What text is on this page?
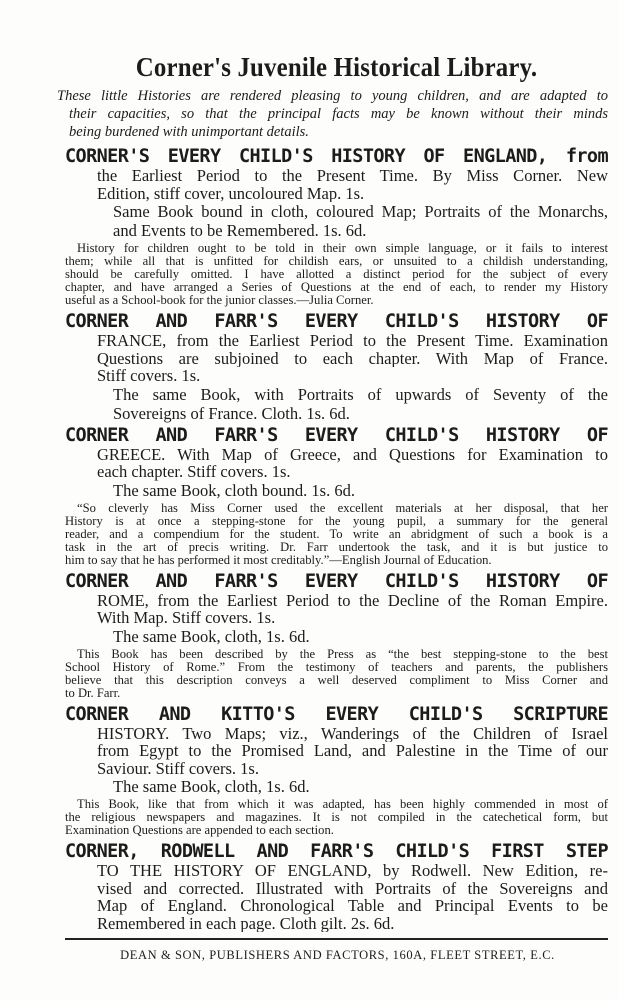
Corner's Juvenile Historical Library.
These little Histories are rendered pleasing to young children, and are adapted to
their capacities, so that the principal facts may be known without their minds
being burdened with unimportant details.
CORNER'S EVERY CHILD'S HISTORY OF ENGLAND, from
the Earliest Period to the Present Time. By Miss Corner. New
Edition, stiff cover, uncoloured Map. 1s.
Same Book bound in cloth, coloured Map; Portraits of the Monarchs,
and Events to be Remembered. 1s. 6d.
History for children ought to be told in their own simple language, or it fails to interest
them; while all that is unfitted for childish ears, or unsuited to a childish understanding,
should be carefully omitted. I have allotted a distinct period for the subject of every
chapter, and have arranged a Series of Questions at the end of each, to render my History
useful as a School-book for the junior classes.—Julia Corner.
CORNER AND FARR'S EVERY CHILD'S HISTORY OF
FRANCE, from the Earliest Period to the Present Time. Examination
Questions are subjoined to each chapter. With Map of France.
Stiff covers. 1s.
The same Book, with Portraits of upwards of Seventy of the
Sovereigns of France. Cloth. 1s. 6d.
CORNER AND FARR'S EVERY CHILD'S HISTORY OF
GREECE. With Map of Greece, and Questions for Examination to
each chapter. Stiff covers. 1s.
The same Book, cloth bound. 1s. 6d.
“So cleverly has Miss Corner used the excellent materials at her disposal, that her
History is at once a stepping-stone for the young pupil, a summary for the general
reader, and a compendium for the student. To write an abridgment of such a book is a
task in the art of precis writing. Dr. Farr undertook the task, and it is but justice to
him to say that he has performed it most creditably.”—English Journal of Education.
CORNER AND FARR'S EVERY CHILD'S HISTORY OF
ROME, from the Earliest Period to the Decline of the Roman Empire.
With Map. Stiff covers. 1s.
The same Book, cloth, 1s. 6d.
This Book has been described by the Press as “the best stepping-stone to the best
School History of Rome.” From the testimony of teachers and parents, the publishers
believe that this description conveys a well deserved compliment to Miss Corner and
to Dr. Farr.
CORNER AND KITTO'S EVERY CHILD'S SCRIPTURE
HISTORY. Two Maps; viz., Wanderings of the Children of Israel
from Egypt to the Promised Land, and Palestine in the Time of our
Saviour. Stiff covers. 1s.
The same Book, cloth, 1s. 6d.
This Book, like that from which it was adapted, has been highly commended in most of
the religious newspapers and magazines. It is not compiled in the catechetical form, but
Examination Questions are appended to each section.
CORNER, RODWELL AND FARR'S CHILD'S FIRST STEP
TO THE HISTORY OF ENGLAND, by Rodwell. New Edition, re-
vised and corrected. Illustrated with Portraits of the Sovereigns and
Map of England. Chronological Table and Principal Events to be
Remembered in each page. Cloth gilt. 2s. 6d.
DEAN & SON, PUBLISHERS AND FACTORS, 160A, FLEET STREET, E.C.
